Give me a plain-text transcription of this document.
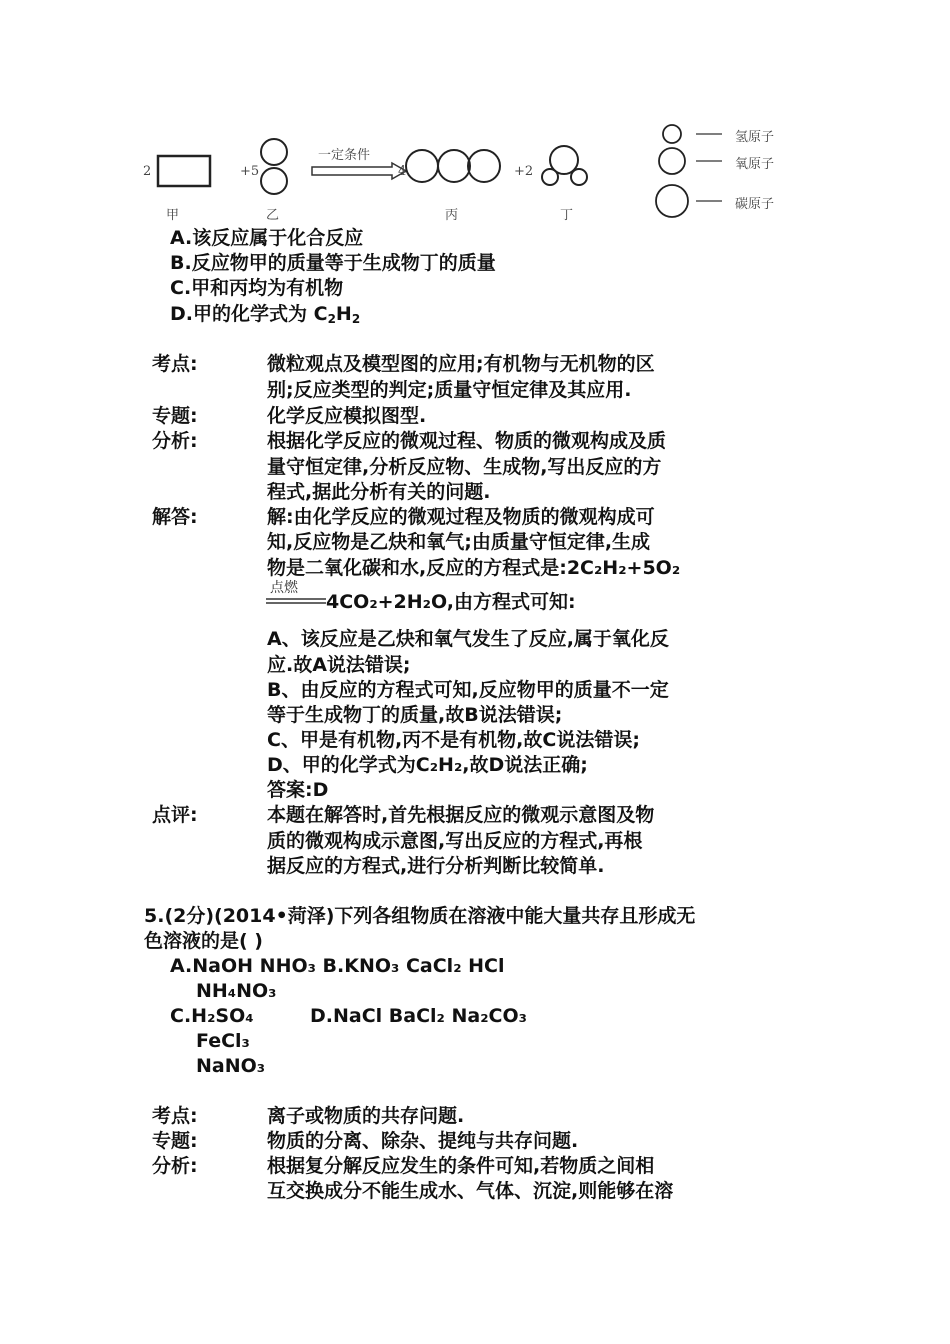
2
甲
+5
乙
一定条件
4
丙
+2
丁
氢原子
氧原子
碳原子
A.该反应属于化合反应
B.反应物甲的质量等于生成物丁的质量
C.甲和丙均为有机物
D.甲的化学式为 $C_2H_2$
考点:	微粒观点及模型图的应用;有机物与无机物的区
别;反应类型的判定;质量守恒定律及其应用.
专题:	化学反应模拟图型.
分析:	根据化学反应的微观过程、物质的微观构成及质
量守恒定律,分析反应物、生成物,写出反应的方
程式,据此分析有关的问题.
解答:	解:由化学反应的微观过程及物质的微观构成可
知,反应物是乙炔和氧气;由质量守恒定律,生成
物是二氧化碳和水,反应的方程式是:2C₂H₂+5O₂
点燃
4CO₂+2H₂O,由方程式可知:
A、该反应是乙炔和氧气发生了反应,属于氧化反
应.故A说法错误;
B、由反应的方程式可知,反应物甲的质量不一定
等于生成物丁的质量,故B说法错误;
C、甲是有机物,丙不是有机物,故C说法错误;
D、甲的化学式为C₂H₂,故D说法正确;
答案:D
点评:	本题在解答时,首先根据反应的微观示意图及物
质的微观构成示意图,写出反应的方程式,再根
据反应的方程式,进行分析判断比较简单.
5.(2分)(2014•菏泽)下列各组物质在溶液中能大量共存且形成无
色溶液的是( )
A.NaOH NHO₃ B.KNO₃ CaCl₂ HCl
NH₄NO₃
C.H₂SO₄	D.NaCl BaCl₂ Na₂CO₃
FeCl₃
NaNO₃
考点:	离子或物质的共存问题.
专题:	物质的分离、除杂、提纯与共存问题.
分析:	根据复分解反应发生的条件可知,若物质之间相
互交换成分不能生成水、气体、沉淀,则能够在溶
